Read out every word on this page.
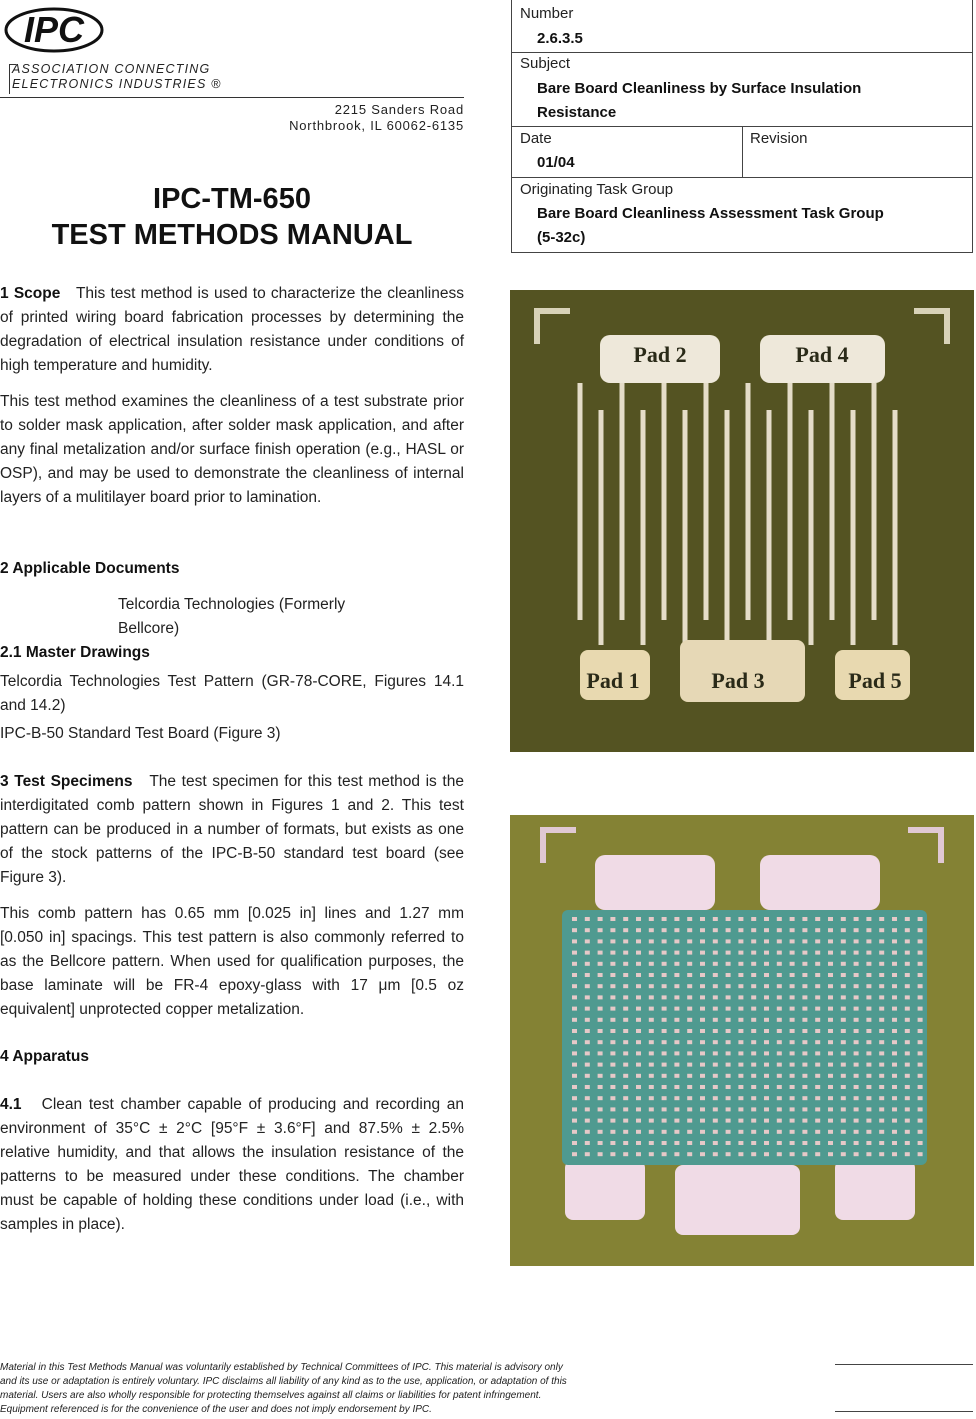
IPC
ASSOCIATION CONNECTING
ELECTRONICS INDUSTRIES ®
2215 Sanders Road
Northbrook, IL 60062-6135
IPC-TM-650
TEST METHODS MANUAL
Number
2.6.3.5
Subject
Bare Board Cleanliness by Surface Insulation
Resistance
Date
01/04
Revision
Originating Task Group
Bare Board Cleanliness Assessment Task Group
(5-32c)

1 Scope This test method is used to characterize the cleanliness of printed wiring board fabrication processes by determining the degradation of electrical insulation resistance under conditions of high temperature and humidity.

This test method examines the cleanliness of a test substrate prior to solder mask application, after solder mask application, and after any final metalization and/or surface finish operation (e.g., HASL or OSP), and may be used to demonstrate the cleanliness of internal layers of a mulitilayer board prior to lamination.

2 Applicable Documents
Telcordia Technologies (Formerly Bellcore)
2.1 Master Drawings

Telcordia Technologies Test Pattern (GR-78-CORE, Figures 14.1 and 14.2)

IPC-B-50 Standard Test Board (Figure 3)

3 Test Specimens The test specimen for this test method is the interdigitated comb pattern shown in Figures 1 and 2. This test pattern can be produced in a number of formats, but exists as one of the stock patterns of the IPC-B-50 standard test board (see Figure 3).

This comb pattern has 0.65 mm [0.025 in] lines and 1.27 mm [0.050 in] spacings. This test pattern is also commonly referred to as the Bellcore pattern. When used for qualification purposes, the base laminate will be FR-4 epoxy-glass with 17 μm [0.5 oz equivalent] unprotected copper metalization.

4 Apparatus

4.1 Clean test chamber capable of producing and recording an environment of 35°C ± 2°C [95°F ± 3.6°F] and 87.5% ± 2.5% relative humidity, and that allows the insulation resistance of the patterns to be measured under these conditions. The chamber must be capable of holding these conditions under load (i.e., with samples in place).

Pad 2	Pad 4
Pad 1	Pad 3	Pad 5
Material in this Test Methods Manual was voluntarily established by Technical Committees of IPC. This material is advisory only
and its use or adaptation is entirely voluntary. IPC disclaims all liability of any kind as to the use, application, or adaptation of this
material. Users are also wholly responsible for protecting themselves against all claims or liabilities for patent infringement.
Equipment referenced is for the convenience of the user and does not imply endorsement by IPC.
